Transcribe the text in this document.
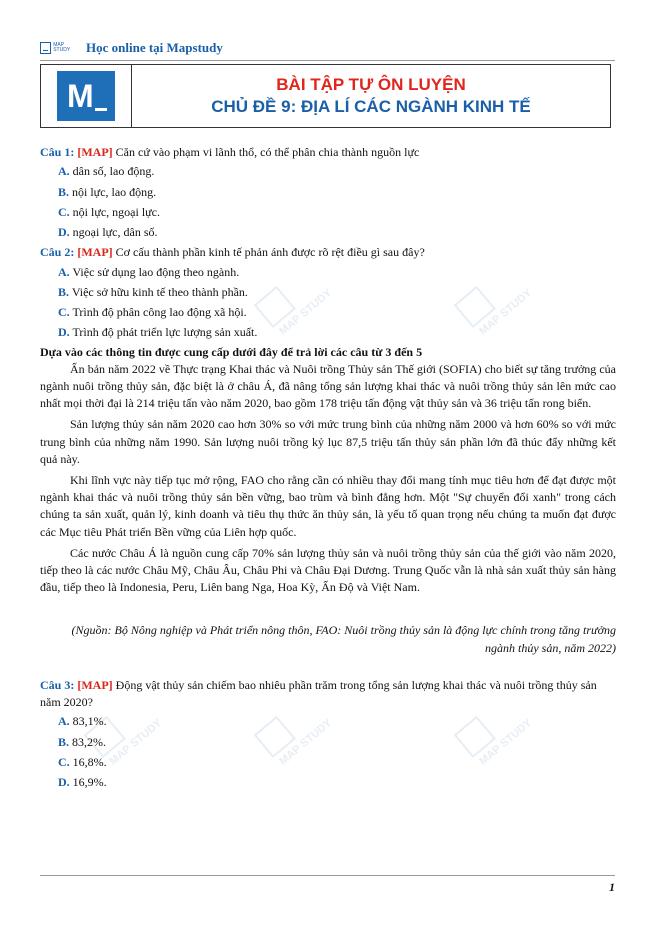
MAP STUDY	MAP STUDY
MAP STUDY	MAP STUDY
MAP STUDY
MAP STUDY	Học online tại Mapstudy
M	BÀI TẬP TỰ ÔN LUYỆN
CHỦ ĐỀ 9: ĐỊA LÍ CÁC NGÀNH KINH TẾ

Câu 1: [MAP] Căn cứ vào phạm vi lãnh thổ, có thể phân chia thành nguồn lực

A. dân số, lao động.

B. nội lực, lao động.

C. nội lực, ngoại lực.

D. ngoại lực, dân số.

Câu 2: [MAP] Cơ cấu thành phần kinh tế phản ánh được rõ rệt điều gì sau đây?

A. Việc sử dụng lao động theo ngành.

B. Việc sở hữu kinh tế theo thành phần.

C. Trình độ phân công lao động xã hội.

D. Trình độ phát triển lực lượng sản xuất.

Dựa vào các thông tin được cung cấp dưới đây để trả lời các câu từ 3 đến 5

Ấn bản năm 2022 về Thực trạng Khai thác và Nuôi trồng Thủy sản Thế giới (SOFIA) cho biết sự tăng trưởng của ngành nuôi trồng thủy sản, đặc biệt là ở châu Á, đã nâng tổng sản lượng khai thác và nuôi trồng thủy sản lên mức cao nhất mọi thời đại là 214 triệu tấn vào năm 2020, bao gồm 178 triệu tấn động vật thủy sản và 36 triệu tấn rong biển.

Sản lượng thủy sản năm 2020 cao hơn 30% so với mức trung bình của những năm 2000 và hơn 60% so với mức trung bình của những năm 1990. Sản lượng nuôi trồng kỷ lục 87,5 triệu tấn thủy sản phần lớn đã thúc đẩy những kết quả này.

Khi lĩnh vực này tiếp tục mở rộng, FAO cho rằng cần có nhiều thay đổi mang tính mục tiêu hơn để đạt được một ngành khai thác và nuôi trồng thủy sản bền vững, bao trùm và bình đẳng hơn. Một "Sự chuyển đổi xanh" trong cách chúng ta sản xuất, quản lý, kinh doanh và tiêu thụ thức ăn thủy sản, là yếu tố quan trọng nếu chúng ta muốn đạt được các Mục tiêu Phát triển Bền vững của Liên hợp quốc.

Các nước Châu Á là nguồn cung cấp 70% sản lượng thủy sản và nuôi trồng thủy sản của thế giới vào năm 2020, tiếp theo là các nước Châu Mỹ, Châu Âu, Châu Phi và Châu Đại Dương. Trung Quốc vẫn là nhà sản xuất thủy sản hàng đầu, tiếp theo là Indonesia, Peru, Liên bang Nga, Hoa Kỳ, Ấn Độ và Việt Nam.

(Nguồn: Bộ Nông nghiệp và Phát triển nông thôn, FAO: Nuôi trồng thủy sản là động lực chính trong tăng trưởng ngành thủy sản, năm 2022)

Câu 3: [MAP] Động vật thủy sản chiếm bao nhiêu phần trăm trong tổng sản lượng khai thác và nuôi trồng thủy sản năm 2020?

A. 83,1%.

B. 83,2%.

C. 16,8%.

D. 16,9%.

1
